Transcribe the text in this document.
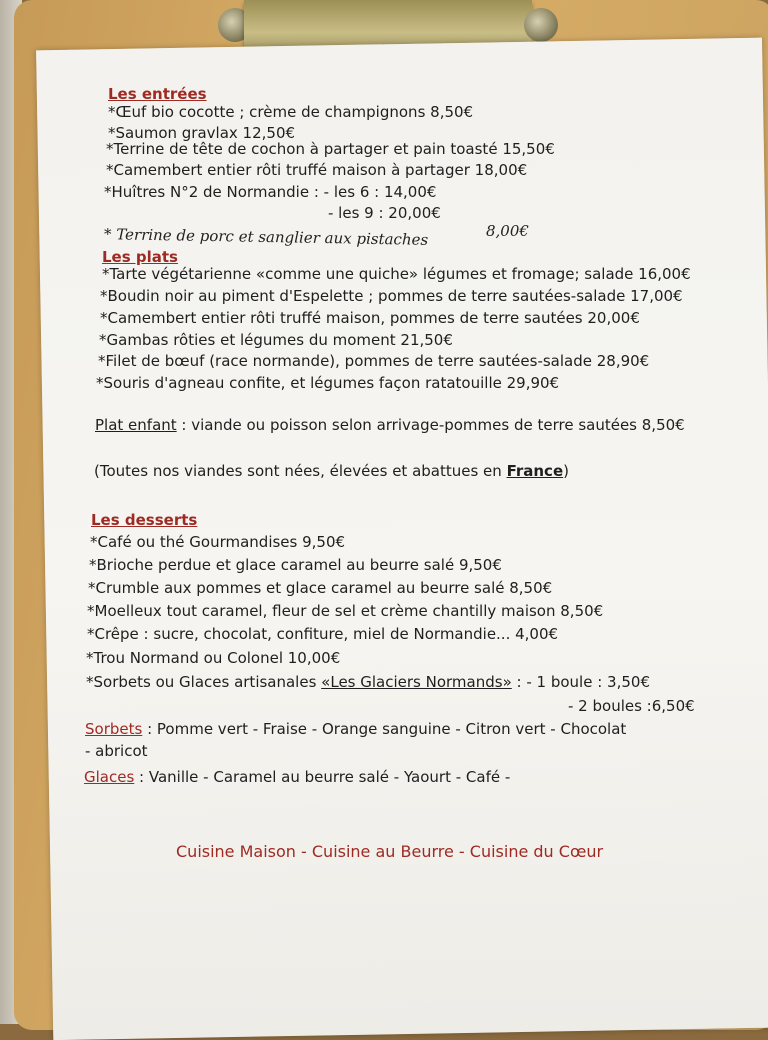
Les entrées
*Œuf bio cocotte ; crème de champignons 8,50€
*Saumon gravlax 12,50€
*Terrine de tête de cochon à partager et pain toasté 15,50€
*Camembert entier rôti truffé maison à partager 18,00€
*Huîtres N°2 de Normandie : - les 6 : 14,00€
- les 9 : 20,00€
* Terrine de porc et sanglier aux pistaches	8,00€
Les plats
*Tarte végétarienne «comme une quiche» légumes et fromage; salade 16,00€
*Boudin noir au piment d'Espelette ; pommes de terre sautées-salade 17,00€
*Camembert entier rôti truffé maison, pommes de terre sautées 20,00€
*Gambas rôties et légumes du moment 21,50€
*Filet de bœuf (race normande), pommes de terre sautées-salade 28,90€
*Souris d'agneau confite, et légumes façon ratatouille 29,90€
Plat enfant : viande ou poisson selon arrivage-pommes de terre sautées 8,50€
(Toutes nos viandes sont nées, élevées et abattues en France)
Les desserts
*Café ou thé Gourmandises 9,50€
*Brioche perdue et glace caramel au beurre salé 9,50€
*Crumble aux pommes et glace caramel au beurre salé 8,50€
*Moelleux tout caramel, fleur de sel et crème chantilly maison 8,50€
*Crêpe : sucre, chocolat, confiture, miel de Normandie... 4,00€
*Trou Normand ou Colonel 10,00€
*Sorbets ou Glaces artisanales «Les Glaciers Normands» : - 1 boule : 3,50€
- 2 boules :6,50€
Sorbets : Pomme vert - Fraise - Orange sanguine - Citron vert - Chocolat
- abricot
Glaces : Vanille - Caramel au beurre salé - Yaourt - Café -
Cuisine Maison - Cuisine au Beurre - Cuisine du Cœur
